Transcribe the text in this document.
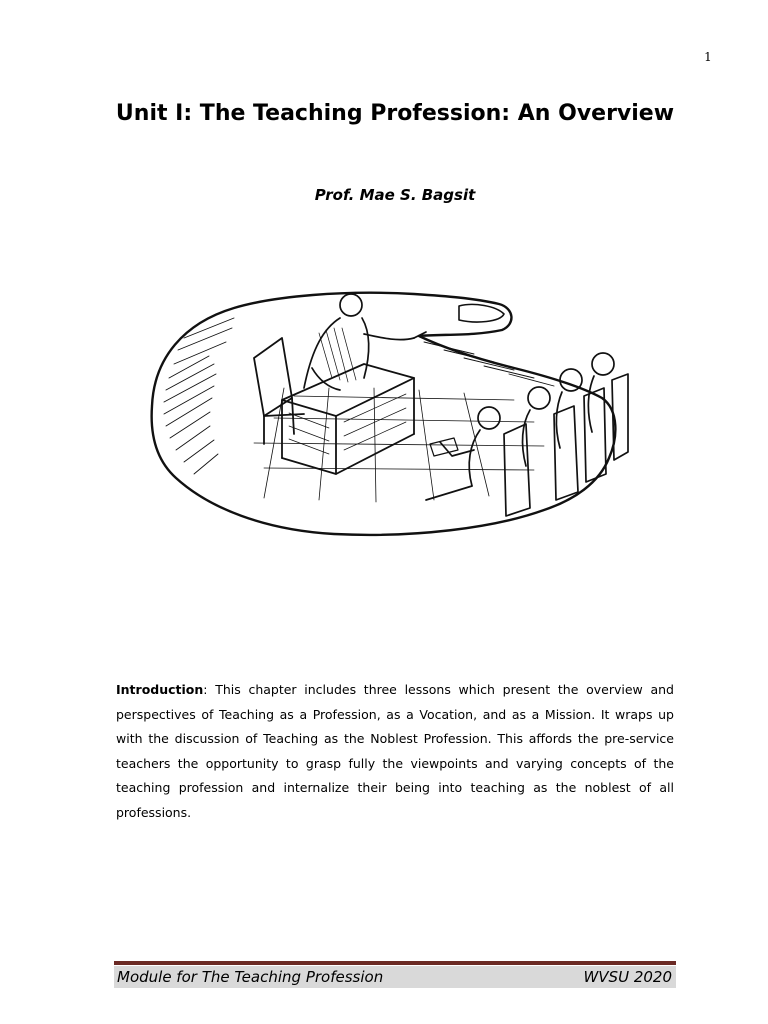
1
Unit I: The Teaching Profession: An Overview

Prof. Mae S. Bagsit

Introduction: This chapter includes three lessons which present the overview and perspectives of Teaching as a Profession, as a Vocation, and as a Mission. It wraps up with the discussion of Teaching as the Noblest Profession. This affords the pre-service teachers the opportunity to grasp fully the viewpoints and varying concepts of the teaching profession and internalize their being into teaching as the noblest of all professions.

Module for The Teaching Profession	WVSU 2020
